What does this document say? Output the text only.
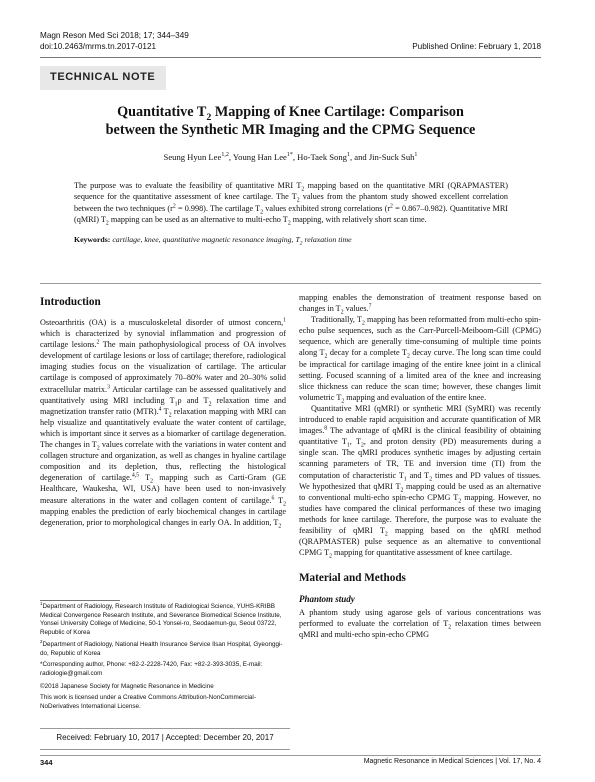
Magn Reson Med Sci 2018; 17; 344–349
doi:10.2463/mrms.tn.2017-0121	Published Online: February 1, 2018
TECHNICAL NOTE
Quantitative $T_2$ Mapping of Knee Cartilage: Comparison
between the Synthetic MR Imaging and the CPMG Sequence
Seung Hyun Lee$^{1,2}$, Young Han Lee$^{1*}$, Ho-Taek Song$^1$, and Jin-Suck Suh$^1$

The purpose was to evaluate the feasibility of quantitative MRI $T_2$ mapping based on the quantitative MRI (QRAPMASTER) sequence for the quantitative assessment of knee cartilage. The $T_2$ values from the phantom study showed excellent correlation between the two techniques $(r^2 = 0.998)$. The cartilage $T_2$ values exhibited strong correlations $(r^2 = 0.867-0.982)$. Quantitative MRI (qMRI) $T_2$ mapping can be used as an alternative to multi-echo $T_2$ mapping, with relatively short scan time.

Keywords: cartilage, knee, quantitative magnetic resonance imaging, $T_2$ relaxation time

Introduction

Osteoarthritis (OA) is a musculoskeletal disorder of utmost concern,$^1$ which is characterized by synovial inflammation and progression of cartilage lesions.$^2$ The main pathophysiological process of OA involves development of cartilage lesions or loss of cartilage; therefore, radiological imaging studies focus on the visualization of cartilage. The articular cartilage is composed of approximately 70–80% water and 20–30% solid extracellular matrix.$^3$ Articular cartilage can be assessed qualitatively and quantitatively using MRI including $T_1\rho$ and $T_2$ relaxation time and magnetization transfer ratio (MTR).$^4$ $T_2$ relaxation mapping with MRI can help visualize and quantitatively evaluate the water content of cartilage, which is important since it serves as a biomarker of cartilage degeneration. The changes in $T_2$ values correlate with the variations in water content and collagen structure and organization, as well as changes in hyaline cartilage composition and its depletion, thus, reflecting the histological degeneration of cartilage.$^{4,5}$ $T_2$ mapping such as Carti-Gram (GE Healthcare, Waukesha, WI, USA) have been used to non-invasively measure alterations in the water and collagen content of cartilage.$^6$ $T_2$ mapping enables the prediction of early biochemical changes in cartilage degeneration, prior to morphological changes in early OA. In addition, $T_2$

mapping enables the demonstration of treatment response based on changes in $T_2$ values.$^7$

Traditionally, $T_2$ mapping has been reformatted from multi-echo spin-echo pulse sequences, such as the Carr-Purcell-Meiboom-Gill (CPMG) sequence, which are generally time-consuming of multiple time points along $T_2$ decay for a complete $T_2$ decay curve. The long scan time could be impractical for cartilage imaging of the entire knee joint in a clinical setting. Focused scanning of a limited area of the knee and increasing slice thickness can reduce the scan time; however, these changes limit volumetric $T_2$ mapping and evaluation of the entire knee.

Quantitative MRI (qMRI) or synthetic MRI (SyMRI) was recently introduced to enable rapid acquisition and accurate quantification of MR images.$^8$ The advantage of qMRI is the clinical feasibility of obtaining quantitative $T_1$, $T_2$, and proton density (PD) measurements during a single scan. The qMRI produces synthetic images by adjusting certain scanning parameters of TR, TE and inversion time (TI) from the computation of characteristic $T_1$ and $T_2$ times and PD values of tissues. We hypothesized that qMRI $T_2$ mapping could be used as an alternative to conventional multi-echo spin-echo CPMG $T_2$ mapping. However, no studies have compared the clinical performances of these two imaging methods for knee cartilage. Therefore, the purpose was to evaluate the feasibility of qMRI $T_2$ mapping based on the qMRI method (QRAPMASTER) pulse sequence as an alternative to conventional CPMG $T_2$ mapping for quantitative assessment of knee cartilage.

Material and Methods
Phantom study

A phantom study using agarose gels of various concentrations was performed to evaluate the correlation of $T_2$ relaxation times between qMRI and multi-echo spin-echo CPMG

$^1$Department of Radiology, Research Institute of Radiological Science, YUHS-KRIBB Medical Convergence Research Institute, and Severance Biomedical Science Institute, Yonsei University College of Medicine, 50-1 Yonsei-ro, Seodaemun-gu, Seoul 03722, Republic of Korea

$^2$Department of Radiology, National Health Insurance Service Ilsan Hospital, Gyeonggi-do, Republic of Korea

*Corresponding author, Phone: +82-2-2228-7420, Fax: +82-2-393-3035, E-mail: radiologie@gmail.com

©2018 Japanese Society for Magnetic Resonance in Medicine

This work is licensed under a Creative Commons Attribution-NonCommercial-NoDerivatives International License.

Received: February 10, 2017 | Accepted: December 20, 2017
344	Magnetic Resonance in Medical Sciences | Vol. 17, No. 4
